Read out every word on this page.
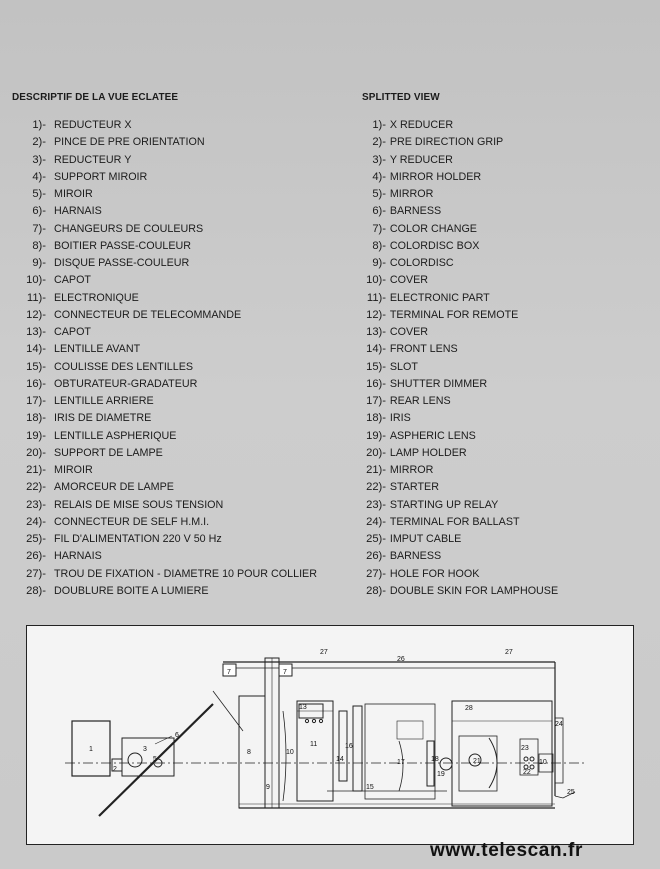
DESCRIPTIF DE LA VUE ECLATEE
1)- REDUCTEUR X
2)- PINCE DE PRE ORIENTATION
3)- REDUCTEUR Y
4)- SUPPORT MIROIR
5)- MIROIR
6)- HARNAIS
7)- CHANGEURS DE COULEURS
8)- BOITIER PASSE-COULEUR
9)- DISQUE PASSE-COULEUR
10)- CAPOT
11)- ELECTRONIQUE
12)- CONNECTEUR DE TELECOMMANDE
13)- CAPOT
14)- LENTILLE AVANT
15)- COULISSE DES LENTILLES
16)- OBTURATEUR-GRADATEUR
17)- LENTILLE ARRIERE
18)- IRIS DE DIAMETRE
19)- LENTILLE ASPHERIQUE
20)- SUPPORT DE LAMPE
21)- MIROIR
22)- AMORCEUR DE LAMPE
23)- RELAIS DE MISE SOUS TENSION
24)- CONNECTEUR DE SELF H.M.I.
25)- FIL D'ALIMENTATION 220 V 50 Hz
26)- HARNAIS
27)- TROU DE FIXATION - DIAMETRE 10 POUR COLLIER
28)- DOUBLURE BOITE A LUMIERE
SPLITTED VIEW
1)- X REDUCER
2)- PRE DIRECTION GRIP
3)- Y REDUCER
4)- MIRROR HOLDER
5)- MIRROR
6)- BARNESS
7)- COLOR CHANGE
8)- COLORDISC BOX
9)- COLORDISC
10)- COVER
11)- ELECTRONIC PART
12)- TERMINAL FOR REMOTE
13)- COVER
14)- FRONT LENS
15)- SLOT
16)- SHUTTER DIMMER
17)- REAR LENS
18)- IRIS
19)- ASPHERIC LENS
20)- LAMP HOLDER
21)- MIRROR
22)- STARTER
23)- STARTING UP RELAY
24)- TERMINAL FOR BALLAST
25)- IMPUT CABLE
26)- BARNESS
27)- HOLE FOR HOOK
28)- DOUBLE SKIN FOR LAMPHOUSE
1
2
3
5
6
7	7
8
9
10
10
11
13
14
15
16
17	18
19
21
22
23
24
25
26
27	27
28
www.telescan.fr
